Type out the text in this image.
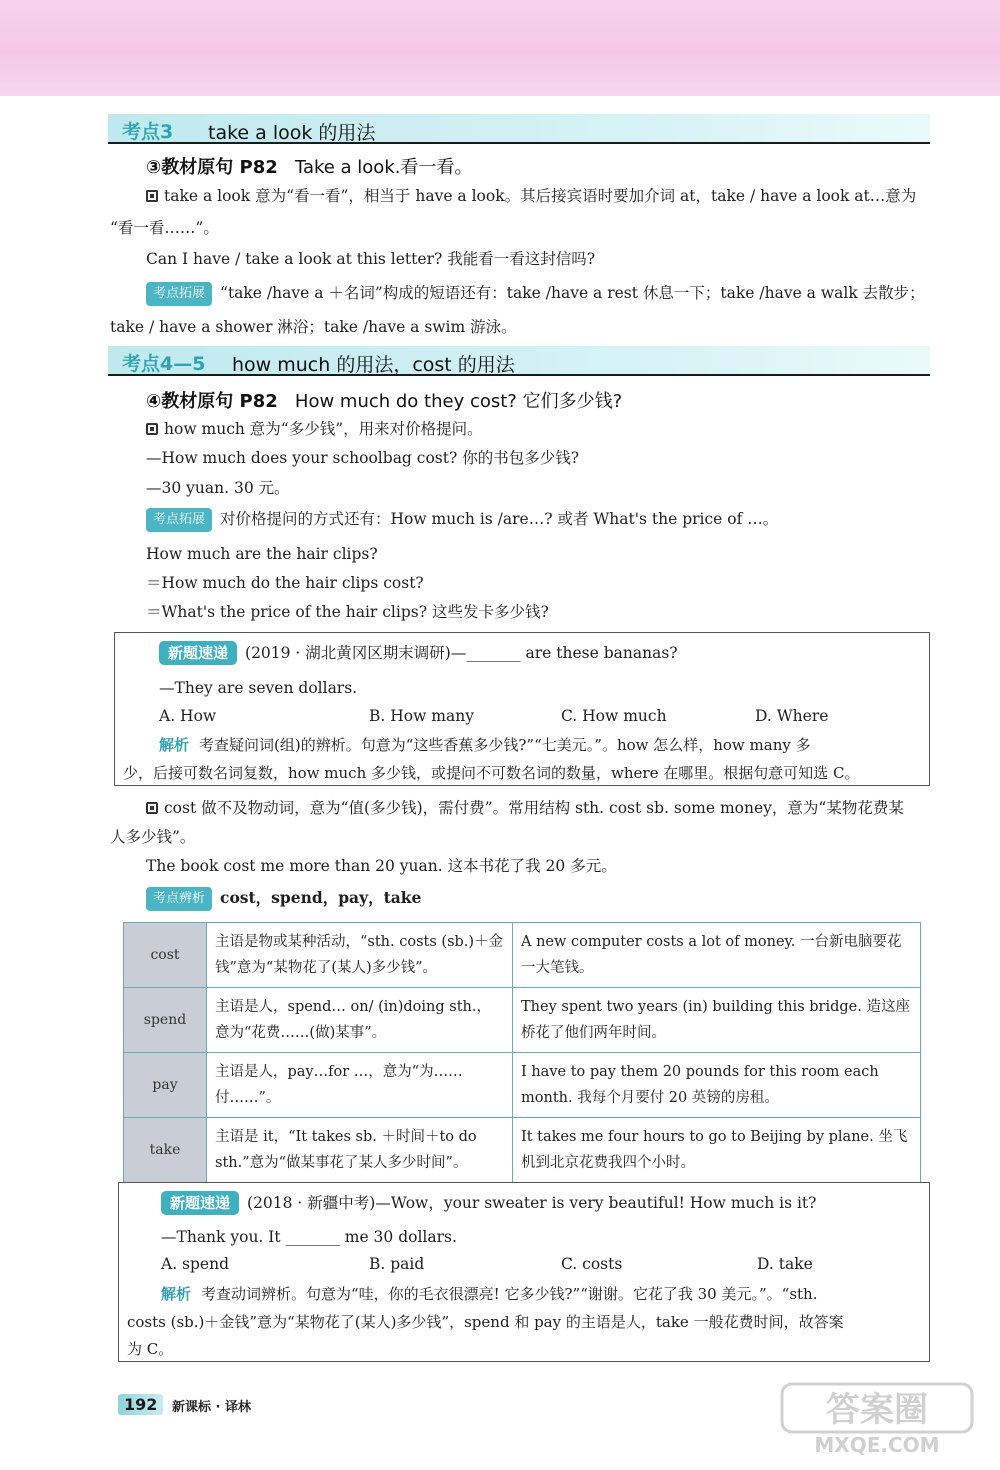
考点3 take a look 的用法
③教材原句 P82 Take a look.看一看。
take a look 意为“看一看”，相当于 have a look。其后接宾语时要加介词 at，take / have a look at…意为
“看一看……”。
Can I have / take a look at this letter? 我能看一看这封信吗?
考点拓展 “take /have a ＋名词”构成的短语还有：take /have a rest 休息一下；take /have a walk 去散步；
take / have a shower 淋浴；take /have a swim 游泳。
考点4—5 how much 的用法，cost 的用法
④教材原句 P82 How much do they cost? 它们多少钱?
how much 意为“多少钱”，用来对价格提问。
—How much does your schoolbag cost? 你的书包多少钱?
—30 yuan. 30 元。
考点拓展 对价格提问的方式还有：How much is /are…? 或者 What's the price of …。
How much are the hair clips?
＝How much do the hair clips cost?
＝What's the price of the hair clips? 这些发卡多少钱?
新题速递 (2019 · 湖北黄冈区期末调研)—_______ are these bananas?
—They are seven dollars.
A. How	B. How many	C. How much	D. Where
解析 考查疑问词(组)的辨析。句意为“这些香蕉多少钱?”“七美元。”。how 怎么样，how many 多
少，后接可数名词复数，how much 多少钱，或提问不可数名词的数量，where 在哪里。根据句意可知选 C。
cost 做不及物动词，意为“值(多少钱)，需付费”。常用结构 sth. cost sb. some money，意为“某物花费某
人多少钱”。
The book cost me more than 20 yuan. 这本书花了我 20 多元。
考点辨析 cost，spend，pay，take
cost	主语是物或某种活动，“sth. costs (sb.)＋金钱”意为“某物花了(某人)多少钱”。	A new computer costs a lot of money. 一台新电脑要花一大笔钱。
spend	主语是人，spend… on/ (in)doing sth.，意为“花费……(做)某事”。	They spent two years (in) building this bridge. 造这座桥花了他们两年时间。
pay	主语是人，pay…for …，意为“为……付……”。	I have to pay them 20 pounds for this room each month. 我每个月要付 20 英镑的房租。
take	主语是 it，“It takes sb. ＋时间＋to do sth.”意为“做某事花了某人多少时间”。	It takes me four hours to go to Beijing by plane. 坐飞机到北京花费我四个小时。
新题速递 (2018 · 新疆中考)—Wow，your sweater is very beautiful! How much is it?
—Thank you. It _______ me 30 dollars.
A. spend	B. paid	C. costs	D. take
解析 考查动词辨析。句意为“哇，你的毛衣很漂亮! 它多少钱?”“谢谢。它花了我 30 美元。”。“sth.
costs (sb.)＋金钱”意为“某物花了(某人)多少钱”，spend 和 pay 的主语是人，take 一般花费时间，故答案
为 C。
192	新课标 · 译林	答案圈
MXQE.COM
